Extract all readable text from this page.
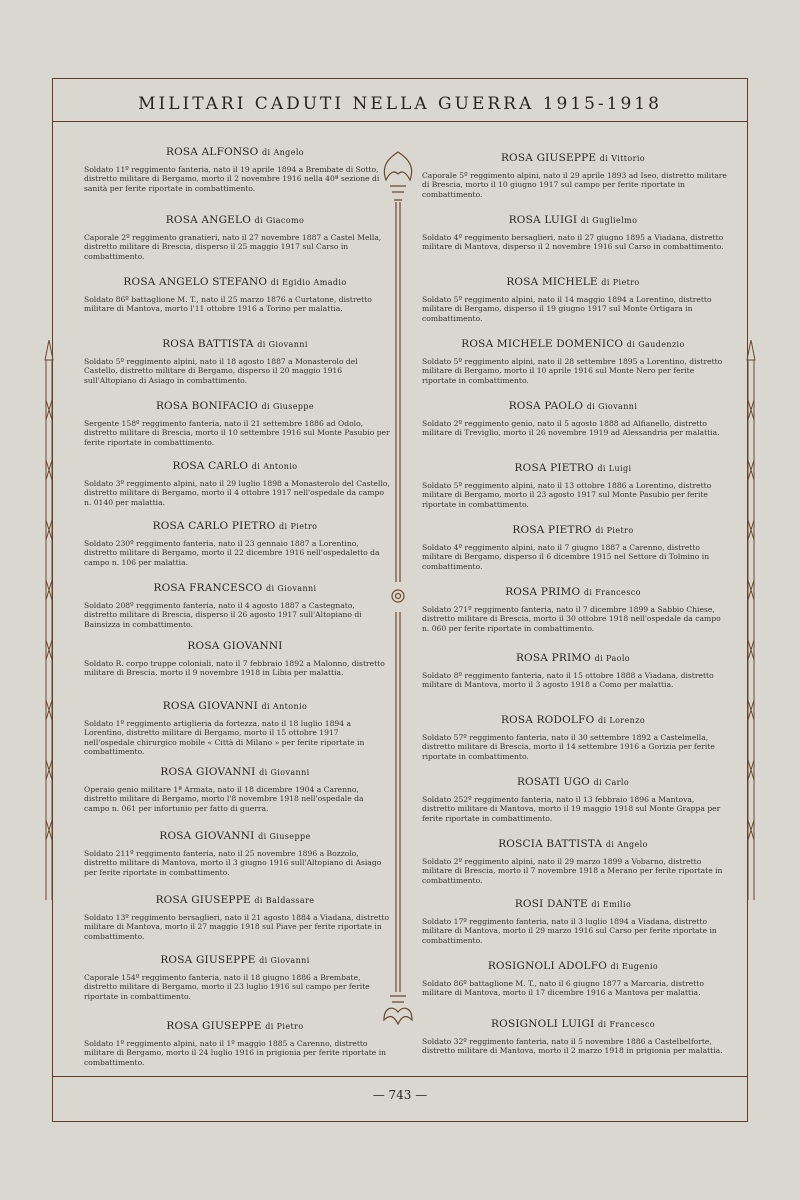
MILITARI CADUTI NELLA GUERRA 1915-1918
ROSA ALFONSO di Angelo
Soldato 11º reggimento fanteria, nato il 19 aprile 1894 a Brembate di Sotto, distretto militare di Bergamo, morto il 2 novembre 1916 nella 40ª sezione di sanità per ferite riportate in combattimento.
ROSA ANGELO di Giacomo
Caporale 2º reggimento granatieri, nato il 27 novembre 1887 a Castel Mella, distretto militare di Brescia, disperso il 25 maggio 1917 sul Carso in combattimento.
ROSA ANGELO STEFANO di Egidio Amadio
Soldato 86º battaglione M. T., nato il 25 marzo 1876 a Curtatone, distretto militare di Mantova, morto l'11 ottobre 1916 a Torino per malattia.
ROSA BATTISTA di Giovanni
Soldato 5º reggimento alpini, nato il 18 agosto 1887 a Monasterolo del Castello, distretto militare di Bergamo, disperso il 20 maggio 1916 sull'Altopiano di Asiago in combattimento.
ROSA BONIFACIO di Giuseppe
Sergente 158º reggimento fanteria, nato il 21 settembre 1886 ad Odolo, distretto militare di Brescia, morto il 10 settembre 1916 sul Monte Pasubio per ferite riportate in combattimento.
ROSA CARLO di Antonio
Soldato 3º reggimento alpini, nato il 29 luglio 1898 a Monasterolo del Castello, distretto militare di Bergamo, morto il 4 ottobre 1917 nell'ospedale da campo n. 0140 per malattia.
ROSA CARLO PIETRO di Pietro
Soldato 230º reggimento fanteria, nato il 23 gennaio 1887 a Lorentino, distretto militare di Bergamo, morto il 22 dicembre 1916 nell'ospedaletto da campo n. 106 per malattia.
ROSA FRANCESCO di Giovanni
Soldato 208º reggimento fanteria, nato il 4 agosto 1887 a Castegnato, distretto militare di Brescia, disperso il 26 agosto 1917 sull'Altopiano di Bainsizza in combattimento.
ROSA GIOVANNI
Soldato R. corpo truppe coloniali, nato il 7 febbraio 1892 a Malonno, distretto militare di Brescia, morto il 9 novembre 1918 in Libia per malattia.
ROSA GIOVANNI di Antonio
Soldato 1º reggimento artiglieria da fortezza, nato il 18 luglio 1894 a Lorentino, distretto militare di Bergamo, morto il 15 ottobre 1917 nell'ospedale chirurgico mobile « Città di Milano » per ferite riportate in combattimento.
ROSA GIOVANNI di Giovanni
Operaio genio militare 1ª Armata, nato il 18 dicembre 1904 a Carenno, distretto militare di Bergamo, morto l'8 novembre 1918 nell'ospedale da campo n. 061 per infortunio per fatto di guerra.
ROSA GIOVANNI di Giuseppe
Soldato 211º reggimento fanteria, nato il 25 novembre 1896 a Bozzolo, distretto militare di Mantova, morto il 3 giugno 1916 sull'Altopiano di Asiago per ferite riportate in combattimento.
ROSA GIUSEPPE di Baldassare
Soldato 13º reggimento bersaglieri, nato il 21 agosto 1884 a Viadana, distretto militare di Mantova, morto il 27 maggio 1918 sul Piave per ferite riportate in combattimento.
ROSA GIUSEPPE di Giovanni
Caporale 154º reggimento fanteria, nato il 18 giugno 1886 a Brembate, distretto militare di Bergamo, morto il 23 luglio 1916 sul campo per ferite riportate in combattimento.
ROSA GIUSEPPE di Pietro
Soldato 1º reggimento alpini, nato il 1º maggio 1885 a Carenno, distretto militare di Bergamo, morto il 24 luglio 1916 in prigionia per ferite riportate in combattimento.
ROSA GIUSEPPE di Vittorio
Caporale 5º reggimento alpini, nato il 29 aprile 1893 ad Iseo, distretto militare di Brescia, morto il 10 giugno 1917 sul campo per ferite riportate in combattimento.
ROSA LUIGI di Guglielmo
Soldato 4º reggimento bersaglieri, nato il 27 giugno 1895 a Viadana, distretto militare di Mantova, disperso il 2 novembre 1916 sul Carso in combattimento.
ROSA MICHELE di Pietro
Soldato 5º reggimento alpini, nato il 14 maggio 1894 a Lorentino, distretto militare di Bergamo, disperso il 19 giugno 1917 sul Monte Ortigara in combattimento.
ROSA MICHELE DOMENICO di Gaudenzio
Soldato 5º reggimento alpini, nato il 28 settembre 1895 a Lorentino, distretto militare di Bergamo, morto il 10 aprile 1916 sul Monte Nero per ferite riportate in combattimento.
ROSA PAOLO di Giovanni
Soldato 2º reggimento genio, nato il 5 agosto 1888 ad Alfianello, distretto militare di Treviglio, morto il 26 novembre 1919 ad Alessandria per malattia.
ROSA PIETRO di Luigi
Soldato 5º reggimento alpini, nato il 13 ottobre 1886 a Lorentino, distretto militare di Bergamo, morto il 23 agosto 1917 sul Monte Pasubio per ferite riportate in combattimento.
ROSA PIETRO di Pietro
Soldato 4º reggimento alpini, nato il 7 giugno 1887 a Carenno, distretto militare di Bergamo, disperso il 6 dicembre 1915 nel Settore di Tolmino in combattimento.
ROSA PRIMO di Francesco
Soldato 271º reggimento fanteria, nato il 7 dicembre 1899 a Sabbio Chiese, distretto militare di Brescia, morto il 30 ottobre 1918 nell'ospedale da campo n. 060 per ferite riportate in combattimento.
ROSA PRIMO di Paolo
Soldato 8º reggimento fanteria, nato il 15 ottobre 1888 a Viadana, distretto militare di Mantova, morto il 3 agosto 1918 a Como per malattia.
ROSA RODOLFO di Lorenzo
Soldato 57º reggimento fanteria, nato il 30 settembre 1892 a Castelmella, distretto militare di Brescia, morto il 14 settembre 1916 a Gorizia per ferite riportate in combattimento.
ROSATI UGO di Carlo
Soldato 252º reggimento fanteria, nato il 13 febbraio 1896 a Mantova, distretto militare di Mantova, morto il 19 maggio 1918 sul Monte Grappa per ferite riportate in combattimento.
ROSCIA BATTISTA di Angelo
Soldato 2º reggimento alpini, nato il 29 marzo 1899 a Vobarno, distretto militare di Brescia, morto il 7 novembre 1918 a Merano per ferite riportate in combattimento.
ROSI DANTE di Emilio
Soldato 17º reggimento fanteria, nato il 3 luglio 1894 a Viadana, distretto militare di Mantova, morto il 29 marzo 1916 sul Carso per ferite riportate in combattimento.
ROSIGNOLI ADOLFO di Eugenio
Soldato 86º battaglione M. T., nato il 6 giugno 1877 a Marcaria, distretto militare di Mantova, morto il 17 dicembre 1916 a Mantova per malattia.
ROSIGNOLI LUIGI di Francesco
Soldato 32º reggimento fanteria, nato il 5 novembre 1886 a Castelbelforte, distretto militare di Mantova, morto il 2 marzo 1918 in prigionia per malattia.
— 743 —
